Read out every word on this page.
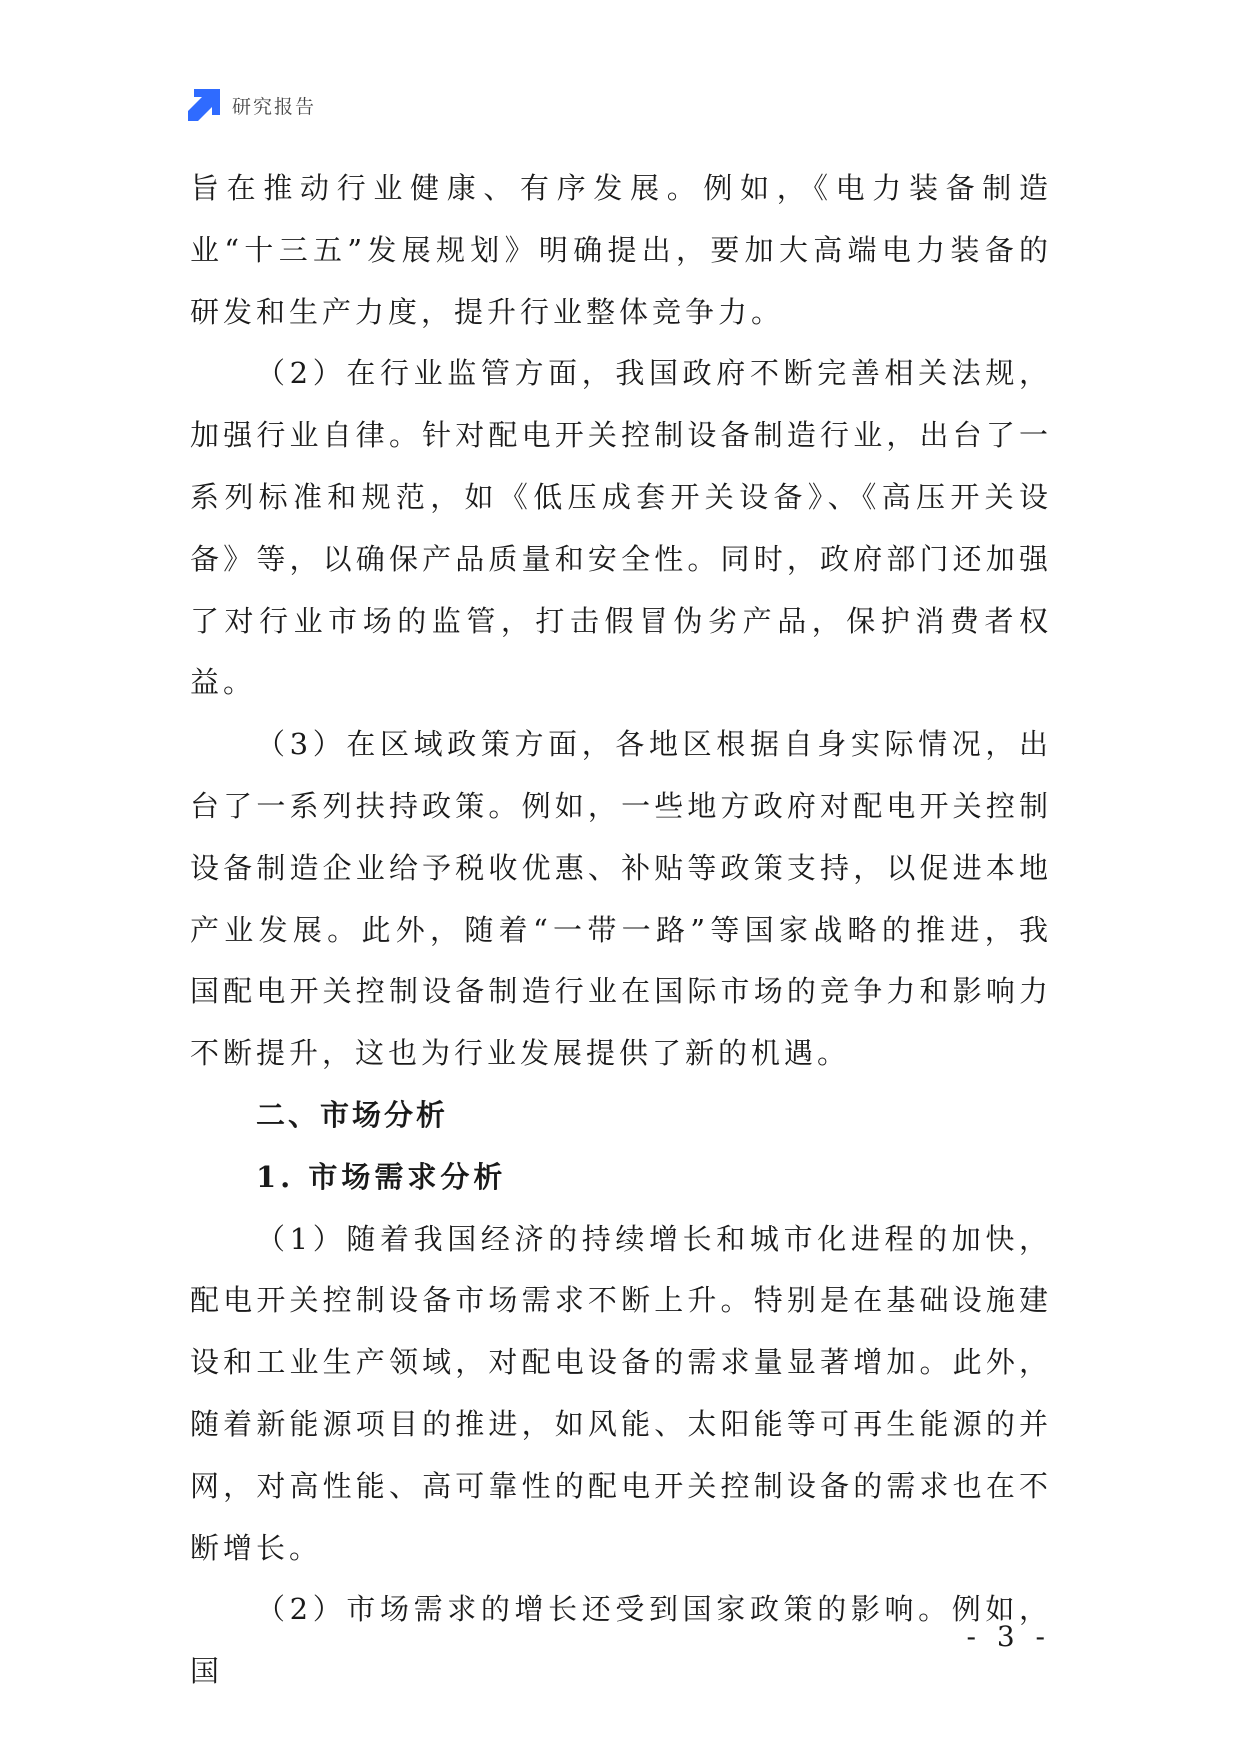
研究报告

旨在推动行业健康、有序发展。例如，《电力装备制造业“十三五”发展规划》明确提出，要加大高端电力装备的研发和生产力度，提升行业整体竞争力。

（2）在行业监管方面，我国政府不断完善相关法规，加强行业自律。针对配电开关控制设备制造行业，出台了一系列标准和规范，如《低压成套开关设备》、《高压开关设备》等，以确保产品质量和安全性。同时，政府部门还加强了对行业市场的监管，打击假冒伪劣产品，保护消费者权益。

（3）在区域政策方面，各地区根据自身实际情况，出台了一系列扶持政策。例如，一些地方政府对配电开关控制设备制造企业给予税收优惠、补贴等政策支持，以促进本地产业发展。此外，随着“一带一路”等国家战略的推进，我国配电开关控制设备制造行业在国际市场的竞争力和影响力不断提升，这也为行业发展提供了新的机遇。

二、市场分析
1. 市场需求分析

（1）随着我国经济的持续增长和城市化进程的加快，配电开关控制设备市场需求不断上升。特别是在基础设施建设和工业生产领域，对配电设备的需求量显著增加。此外，随着新能源项目的推进，如风能、太阳能等可再生能源的并网，对高性能、高可靠性的配电开关控制设备的需求也在不断增长。

（2）市场需求的增长还受到国家政策的影响。例如，国

- 3 -
